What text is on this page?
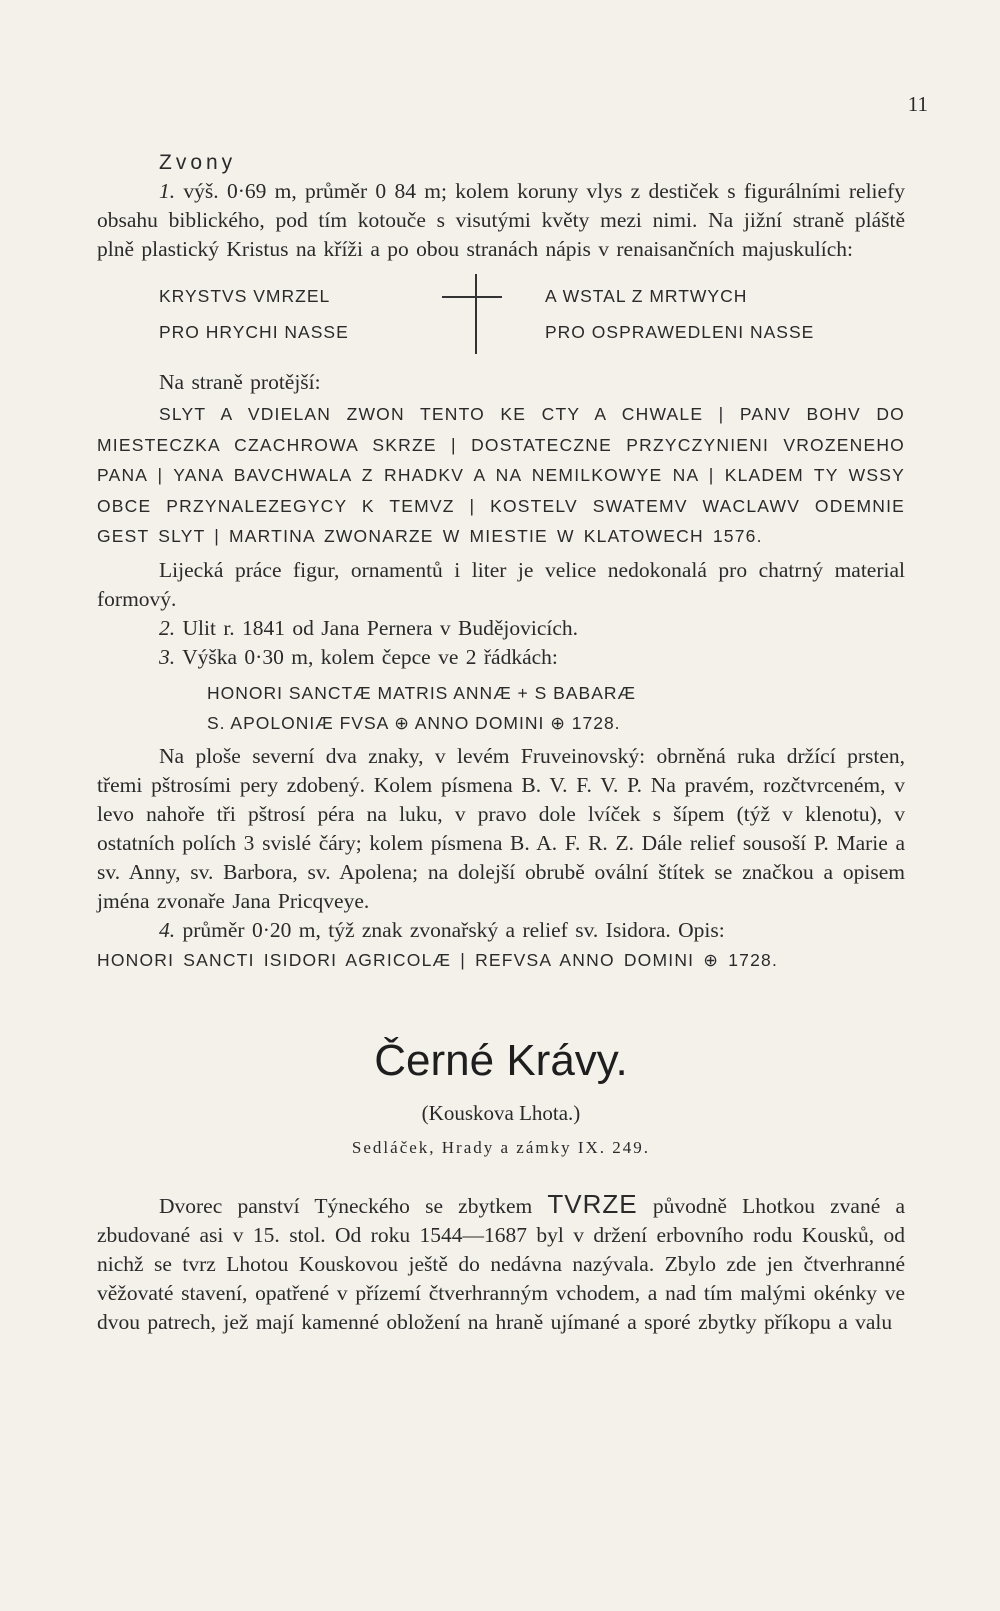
11

Zvony

1. výš. 0·69 m, průměr 0 84 m; kolem koruny vlys z destiček s figurálními reliefy obsahu biblického, pod tím kotouče s visutými květy mezi nimi. Na jižní straně pláště plně plastický Kristus na kříži a po obou stranách nápis v renaisančních majuskulích:

KRYSTVS VMRZEL
PRO HRYCHI NASSE
A WSTAL Z MRTWYCH
PRO OSPRAWEDLENI NASSE

Na straně protější:

SLYT A VDIELAN ZWON TENTO KE CTY A CHWALE | PANV BOHV DO MIESTECZKA CZACHROWA SKRZE | DOSTATECZNE PRZYCZYNIENI VROZENEHO PANA | YANA BAVCHWALA Z RHADKV A NA NEMILKOWYE NA | KLADEM TY WSSY OBCE PRZYNALEZEGYCY K TEMVZ | KOSTELV SWATEMV WACLAWV ODEMNIE GEST SLYT | MARTINA ZWONARZE W MIESTIE W KLATOWECH 1576.

Lijecká práce figur, ornamentů i liter je velice nedokonalá pro chatrný material formový.

2. Ulit r. 1841 od Jana Pernera v Budějovicích.

3. Výška 0·30 m, kolem čepce ve 2 řádkách:

HONORI SANCTÆ MATRIS ANNÆ + S BABARÆ
S. APOLONIÆ FVSA ⊕ ANNO DOMINI ⊕ 1728.

Na ploše severní dva znaky, v levém Fruveinovský: obrněná ruka držící prsten, třemi pštrosími pery zdobený. Kolem písmena B. V. F. V. P. Na pravém, rozčtvrceném, v levo nahoře tři pštrosí péra na luku, v pravo dole lvíček s šípem (týž v klenotu), v ostatních polích 3 svislé čáry; kolem písmena B. A. F. R. Z. Dále relief sousoší P. Marie a sv. Anny, sv. Barbora, sv. Apolena; na dolejší obrubě ovální štítek se značkou a opisem jména zvonaře Jana Pricqveye.

4. průměr 0·20 m, týž znak zvonařský a relief sv. Isidora. Opis:

HONORI SANCTI ISIDORI AGRICOLÆ | REFVSA ANNO DOMINI ⊕ 1728.

Černé Krávy.
(Kouskova Lhota.)
Sedláček, Hrady a zámky IX. 249.

Dvorec panství Týneckého se zbytkem TVRZE původně Lhotkou zvané a zbudované asi v 15. stol. Od roku 1544—1687 byl v držení erbovního rodu Kousků, od nichž se tvrz Lhotou Kouskovou ještě do nedávna nazývala. Zbylo zde jen čtverhranné věžovaté stavení, opatřené v přízemí čtverhranným vchodem, a nad tím malými okénky ve dvou patrech, jež mají kamenné obložení na hraně ujímané a sporé zbytky příkopu a valu
